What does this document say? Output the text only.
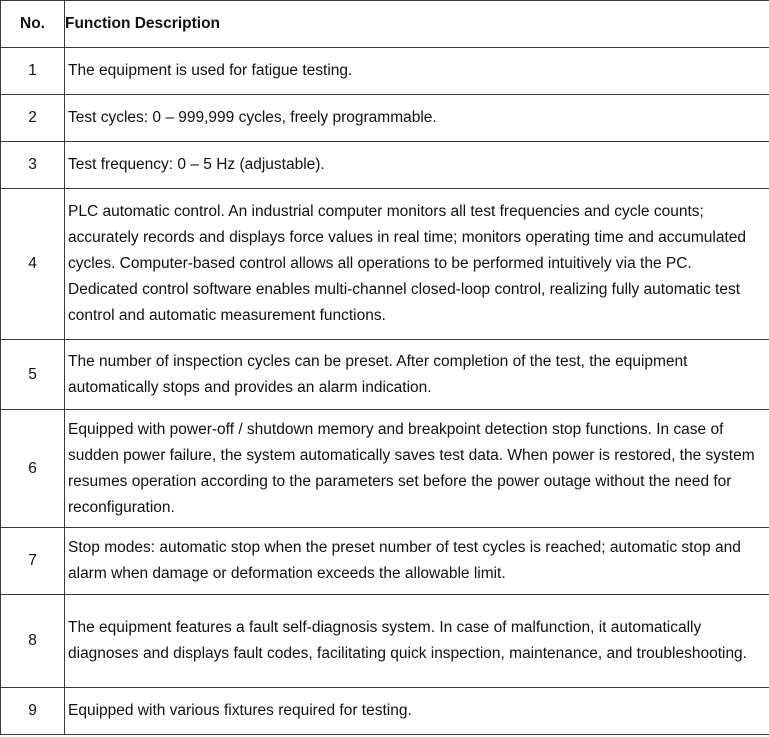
No.	Function Description
1	The equipment is used for fatigue testing.
2	Test cycles: 0 – 999,999 cycles, freely programmable.
3	Test frequency: 0 – 5 Hz (adjustable).
4	PLC automatic control. An industrial computer monitors all test frequencies and cycle counts; accurately records and displays force values in real time; monitors operating time and accumulated cycles. Computer-based control allows all operations to be performed intuitively via the PC. Dedicated control software enables multi-channel closed-loop control, realizing fully automatic test control and automatic measurement functions.
5	The number of inspection cycles can be preset. After completion of the test, the equipment automatically stops and provides an alarm indication.
6	Equipped with power-off / shutdown memory and breakpoint detection stop functions. In case of sudden power failure, the system automatically saves test data. When power is restored, the system resumes operation according to the parameters set before the power outage without the need for reconfiguration.
7	Stop modes: automatic stop when the preset number of test cycles is reached; automatic stop and alarm when damage or deformation exceeds the allowable limit.
8	The equipment features a fault self-diagnosis system. In case of malfunction, it automatically diagnoses and displays fault codes, facilitating quick inspection, maintenance, and troubleshooting.
9	Equipped with various fixtures required for testing.
